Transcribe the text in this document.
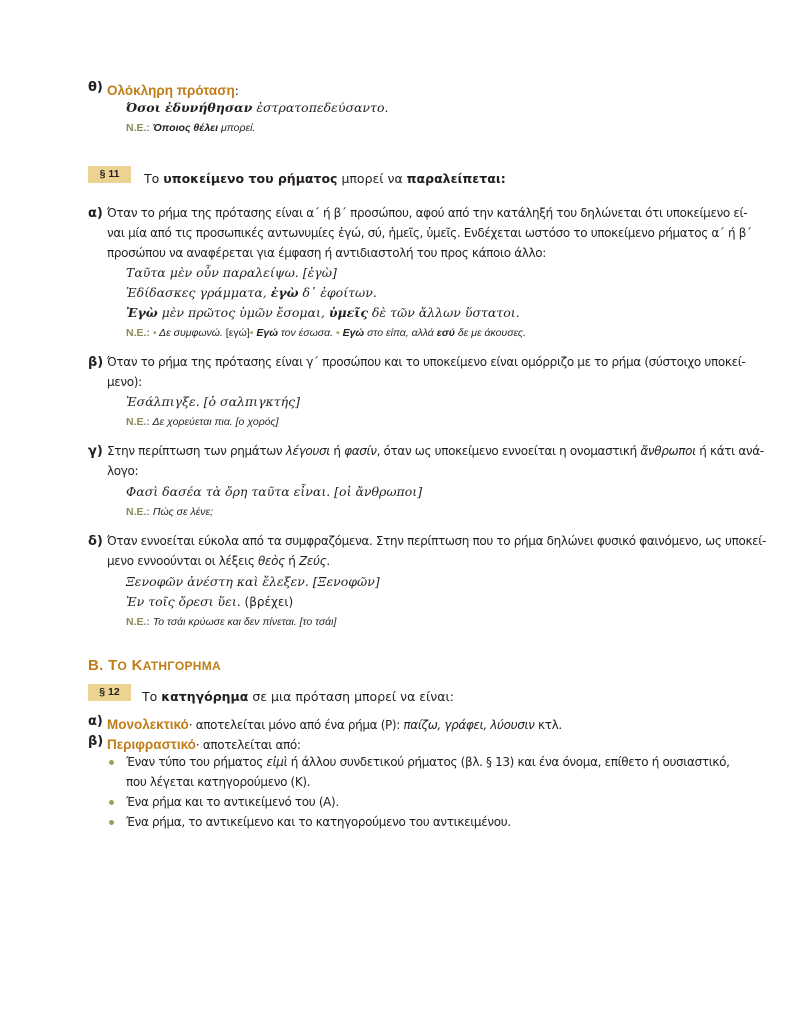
θ) Ολόκληρη πρόταση:
Όσοι ἐδυνήθησαν ἐστρατοπεδεύσαντο.
Ν.Ε.: Όποιος θέλει μπορεί.
§ 11	Το υποκείμενο του ρήματος μπορεί να παραλείπεται:
α) Όταν το ρήμα της πρότασης είναι α΄ ή β΄ προσώπου, αφού από την κατάληξή του δηλώνεται ότι υποκείμενο εί-
ναι μία από τις προσωπικές αντωνυμίες ἐγώ, σύ, ἡμεῖς, ὑμεῖς. Ενδέχεται ωστόσο το υποκείμενο ρήματος α΄ ή β΄
προσώπου να αναφέρεται για έμφαση ή αντιδιαστολή του προς κάποιο άλλο:
Ταῦτα μὲν οὖν παραλείψω. [ἐγὼ]
Ἐδίδασκες γράμματα, ἐγὼ δ᾽ ἐφοίτων.
Ἐγὼ μὲν πρῶτος ὑμῶν ἔσομαι, ὑμεῖς δὲ τῶν ἄλλων ὕστατοι.
Ν.Ε.: • Δε συμφωνώ. [εγώ]• Εγώ τον έσωσα. • Εγώ στο είπα, αλλά εσύ δε με άκουσες.
β) Όταν το ρήμα της πρότασης είναι γ΄ προσώπου και το υποκείμενο είναι ομόρριζο με το ρήμα (σύστοιχο υποκεί-
μενο):
Ἐσάλπιγξε. [ὁ σαλπιγκτής]
Ν.Ε.: Δε χορεύεται πια. [ο χορός]
γ) Στην περίπτωση των ρημάτων λέγουσι ή φασίν, όταν ως υποκείμενο εννοείται η ονομαστική ἄνθρωποι ή κάτι ανά-
λογο:
Φασὶ δασέα τὰ ὄρη ταῦτα εἶναι. [οἱ ἄνθρωποι]
Ν.Ε.: Πώς σε λένε;
δ) Όταν εννοείται εύκολα από τα συμφραζόμενα. Στην περίπτωση που το ρήμα δηλώνει φυσικό φαινόμενο, ως υποκεί-
μενο εννοούνται οι λέξεις θεὸς ή Ζεύς.
Ξενοφῶν ἀνέστη καὶ ἔλεξεν. [Ξενοφῶν]
Ἐν τοῖς ὄρεσι ὕει. (βρέχει)
Ν.Ε.: Το τσάι κρύωσε και δεν πίνεται. [το τσάι]
Β. ΤΟ ΚΑΤΗΓΟΡΗΜΑ
§ 12	Το κατηγόρημα σε μια πρόταση μπορεί να είναι:
α) Μονολεκτικό· αποτελείται μόνο από ένα ρήμα (Ρ): παίζω, γράφει, λύουσιν κτλ.
β) Περιφραστικό· αποτελείται από:
Έναν τύπο του ρήματος εἰμὶ ή άλλου συνδετικού ρήματος (βλ. § 13) και ένα όνομα, επίθετο ή ουσιαστικό,
που λέγεται κατηγορούμενο (Κ).
Ένα ρήμα και το αντικείμενό του (Α).
Ένα ρήμα, το αντικείμενο και το κατηγορούμενο του αντικειμένου.
